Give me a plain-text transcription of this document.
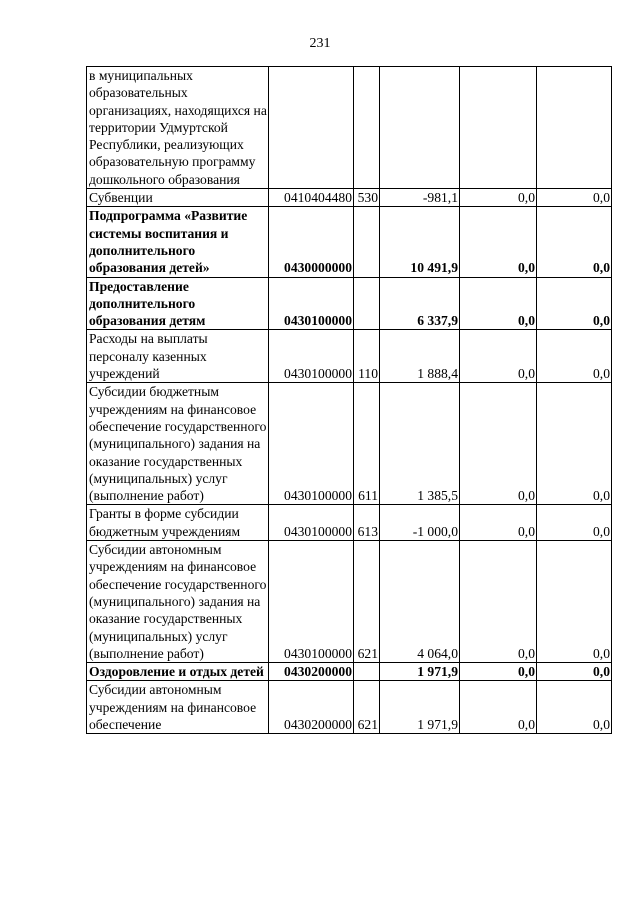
231
в муниципальных образовательных организациях, находящихся на территории Удмуртской Республики, реализующих образовательную программу дошкольного образования					
Субвенции	0410404480	530	-981,1	0,0	0,0
Подпрограмма «Развитие системы воспитания и дополнительного образования детей»	0430000000		10 491,9	0,0	0,0
Предоставление дополнительного образования детям	0430100000		6 337,9	0,0	0,0
Расходы на выплаты персоналу казенных учреждений	0430100000	110	1 888,4	0,0	0,0
Субсидии бюджетным учреждениям на финансовое обеспечение государственного (муниципального) задания на оказание государственных (муниципальных) услуг (выполнение работ)	0430100000	611	1 385,5	0,0	0,0
Гранты в форме субсидии бюджетным учреждениям	0430100000	613	-1 000,0	0,0	0,0
Субсидии автономным учреждениям на финансовое обеспечение государственного (муниципального) задания на оказание государственных (муниципальных) услуг (выполнение работ)	0430100000	621	4 064,0	0,0	0,0
Оздоровление и отдых детей	0430200000		1 971,9	0,0	0,0
Субсидии автономным учреждениям на финансовое обеспечение	0430200000	621	1 971,9	0,0	0,0
